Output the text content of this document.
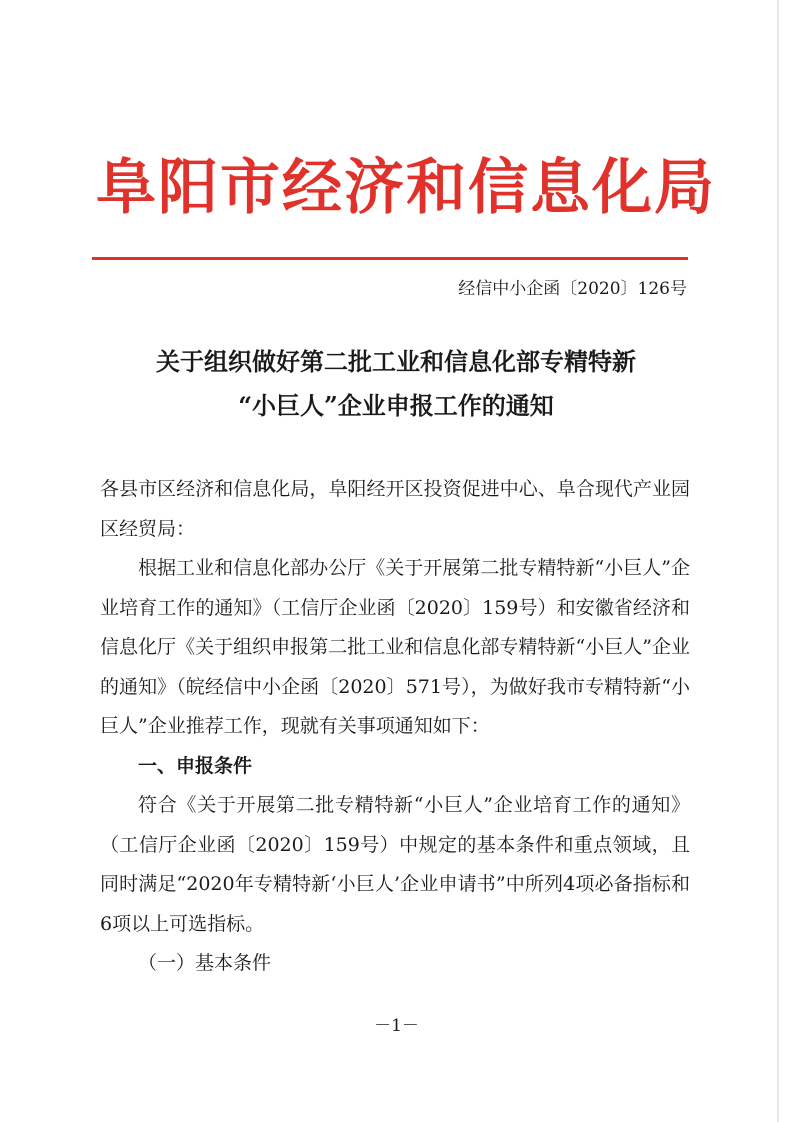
阜阳市经济和信息化局
经信中小企函〔2020〕126号
关于组织做好第二批工业和信息化部专精特新
“小巨人”企业申报工作的通知

各县市区经济和信息化局，阜阳经开区投资促进中心、阜合现代产业园区经贸局：

根据工业和信息化部办公厅《关于开展第二批专精特新“小巨人”企业培育工作的通知》（工信厅企业函〔2020〕159号）和安徽省经济和信息化厅《关于组织申报第二批工业和信息化部专精特新“小巨人”企业的通知》（皖经信中小企函〔2020〕571号），为做好我市专精特新“小巨人”企业推荐工作，现就有关事项通知如下：

一、申报条件

符合《关于开展第二批专精特新“小巨人”企业培育工作的通知》（工信厅企业函〔2020〕159号）中规定的基本条件和重点领域，且同时满足“2020年专精特新‘小巨人’企业申请书”中所列4项必备指标和6项以上可选指标。

（一）基本条件

－1－
